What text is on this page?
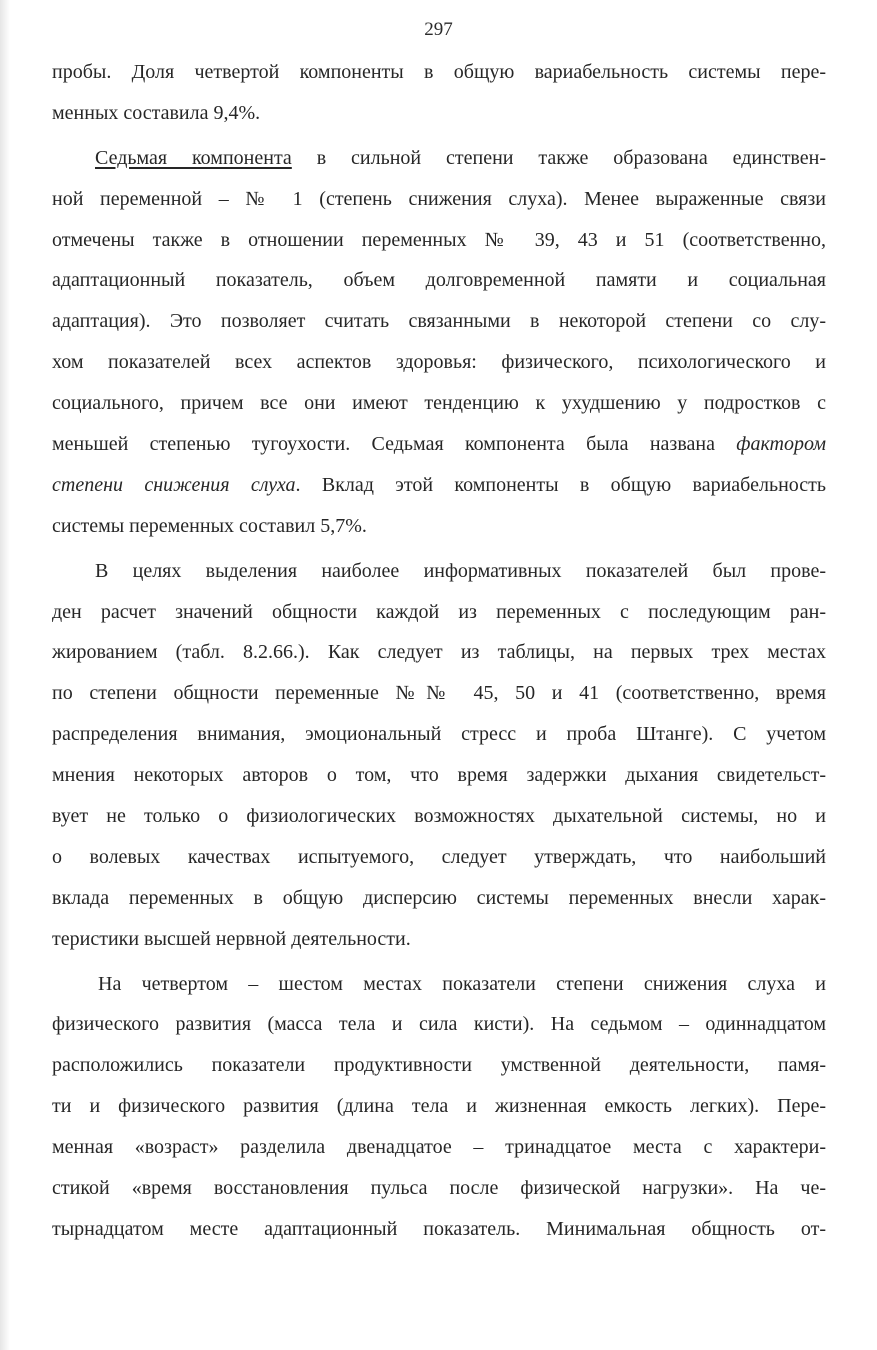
297
пробы. Доля четвертой компоненты в общую вариабельность системы пере-
менных составила 9,4%.
Седьмая компонента в сильной степени также образована единствен-
ной переменной – № 1 (степень снижения слуха). Менее выраженные связи
отмечены также в отношении переменных № 39, 43 и 51 (соответственно,
адаптационный показатель, объем долговременной памяти и социальная
адаптация). Это позволяет считать связанными в некоторой степени со слу-
хом показателей всех аспектов здоровья: физического, психологического и
социального, причем все они имеют тенденцию к ухудшению у подростков с
меньшей степенью тугоухости. Седьмая компонента была названа фактором
степени снижения слуха. Вклад этой компоненты в общую вариабельность
системы переменных составил 5,7%.
В целях выделения наиболее информативных показателей был прове-
ден расчет значений общности каждой из переменных с последующим ран-
жированием (табл. 8.2.66.). Как следует из таблицы, на первых трех местах
по степени общности переменные №№ 45, 50 и 41 (соответственно, время
распределения внимания, эмоциональный стресс и проба Штанге). С учетом
мнения некоторых авторов о том, что время задержки дыхания свидетельст-
вует не только о физиологических возможностях дыхательной системы, но и
о волевых качествах испытуемого, следует утверждать, что наибольший
вклада переменных в общую дисперсию системы переменных внесли харак-
теристики высшей нервной деятельности.
На четвертом – шестом местах показатели степени снижения слуха и
физического развития (масса тела и сила кисти). На седьмом – одиннадцатом
расположились показатели продуктивности умственной деятельности, памя-
ти и физического развития (длина тела и жизненная емкость легких). Пере-
менная «возраст» разделила двенадцатое – тринадцатое места с характери-
стикой «время восстановления пульса после физической нагрузки». На че-
тырнадцатом месте адаптационный показатель. Минимальная общность от-
